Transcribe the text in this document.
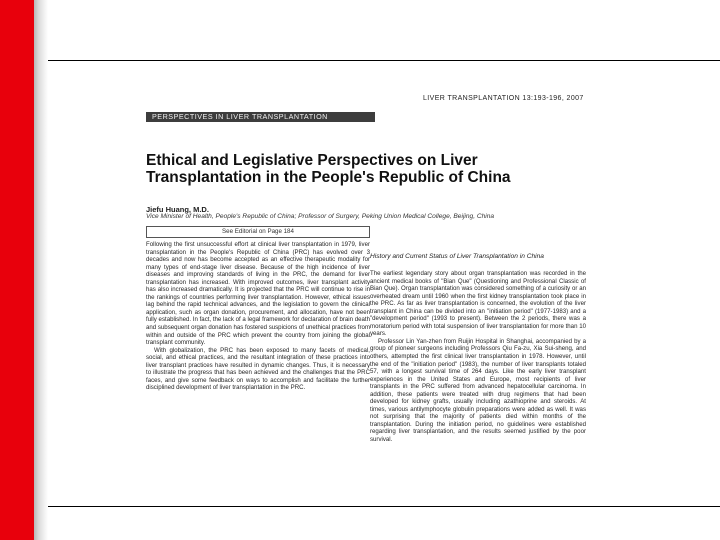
LIVER TRANSPLANTATION 13:193-196, 2007
PERSPECTIVES IN LIVER TRANSPLANTATION
Ethical and Legislative Perspectives on Liver Transplantation in the People's Republic of China
Jiefu Huang, M.D.
Vice Minister of Health, People's Republic of China; Professor of Surgery, Peking Union Medical College, Beijing, China
See Editorial on Page 184

Following the first unsuccessful effort at clinical liver transplantation in 1979, liver transplantation in the People's Republic of China (PRC) has evolved over 3 decades and now has become accepted as an effective therapeutic modality for many types of end-stage liver disease. Because of the high incidence of liver diseases and improving standards of living in the PRC, the demand for liver transplantation has increased. With improved outcomes, liver transplant activity has also increased dramatically. It is projected that the PRC will continue to rise in the rankings of countries performing liver transplantation. However, ethical issues lag behind the rapid technical advances, and the legislation to govern the clinical application, such as organ donation, procurement, and allocation, have not been fully established. In fact, the lack of a legal framework for declaration of brain death and subsequent organ donation has fostered suspicions of unethical practices from within and outside of the PRC which prevent the country from joining the global transplant community.

With globalization, the PRC has been exposed to many facets of medical, social, and ethical practices, and the resultant integration of these practices into liver transplant practices have resulted in dynamic changes. Thus, it is necessary to illustrate the progress that has been achieved and the challenges that the PRC faces, and give some feedback on ways to accomplish and facilitate the further disciplined development of liver transplantation in the PRC.

History and Current Status of Liver Transplantation in China

The earliest legendary story about organ transplantation was recorded in the ancient medical books of "Bian Que" (Questioning and Professional Classic of Bian Que). Organ transplantation was considered something of a curiosity or an overheated dream until 1960 when the first kidney transplantation took place in the PRC. As far as liver transplantation is concerned, the evolution of the liver transplant in China can be divided into an "initiation period" (1977-1983) and a "development period" (1993 to present). Between the 2 periods, there was a moratorium period with total suspension of liver transplantation for more than 10 years.

Professor Lin Yan-zhen from Ruijin Hospital in Shanghai, accompanied by a group of pioneer surgeons including Professors Qiu Fa-zu, Xia Sui-sheng, and others, attempted the first clinical liver transplantation in 1978. However, until the end of the "initiation period" (1983), the number of liver transplants totaled 57, with a longest survival time of 264 days. Like the early liver transplant experiences in the United States and Europe, most recipients of liver transplants in the PRC suffered from advanced hepatocellular carcinoma. In addition, these patients were treated with drug regimens that had been developed for kidney grafts, usually including azathioprine and steroids. At times, various antilymphocyte globulin preparations were added as well. It was not surprising that the majority of patients died within months of the transplantation. During the initiation period, no guidelines were established regarding liver transplantation, and the results seemed justified by the poor survival.
